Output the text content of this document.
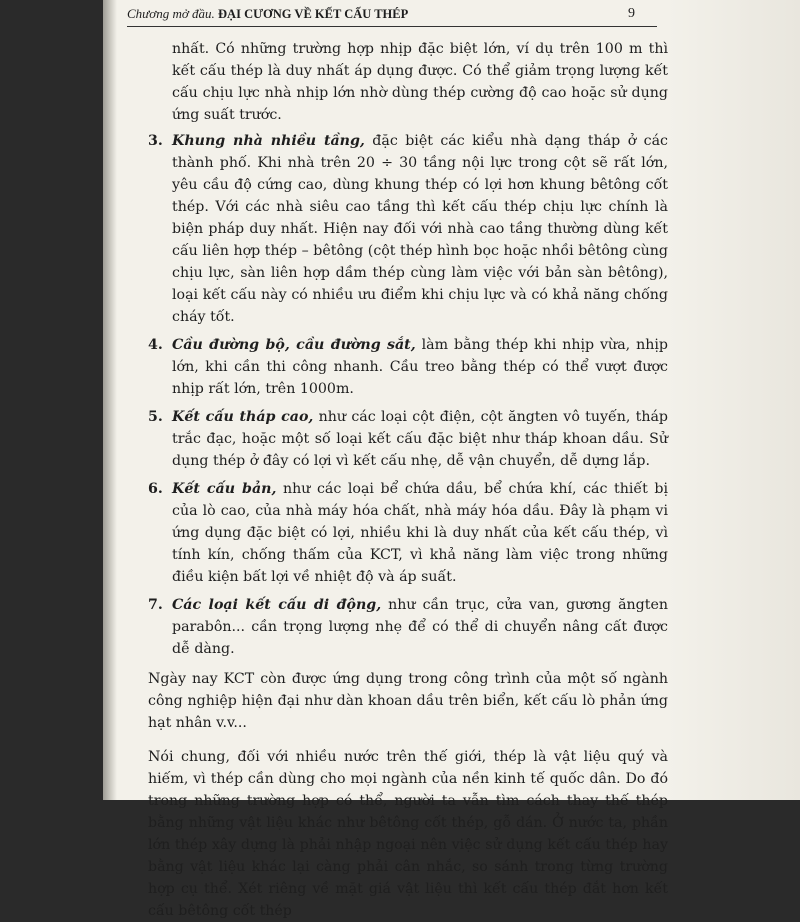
Chương mở đầu. ĐẠI CƯƠNG VỀ KẾT CẤU THÉP	9

nhất. Có những trường hợp nhịp đặc biệt lớn, ví dụ trên 100 m thì kết cấu thép là duy nhất áp dụng được. Có thể giảm trọng lượng kết cấu chịu lực nhà nhịp lớn nhờ dùng thép cường độ cao hoặc sử dụng ứng suất trước.

3. Khung nhà nhiều tầng, đặc biệt các kiểu nhà dạng tháp ở các thành phố. Khi nhà trên 20 ÷ 30 tầng nội lực trong cột sẽ rất lớn, yêu cầu độ cứng cao, dùng khung thép có lợi hơn khung bêtông cốt thép. Với các nhà siêu cao tầng thì kết cấu thép chịu lực chính là biện pháp duy nhất. Hiện nay đối với nhà cao tầng thường dùng kết cấu liên hợp thép – bêtông (cột thép hình bọc hoặc nhồi bêtông cùng chịu lực, sàn liên hợp dầm thép cùng làm việc với bản sàn bêtông), loại kết cấu này có nhiều ưu điểm khi chịu lực và có khả năng chống cháy tốt.

4. Cầu đường bộ, cầu đường sắt, làm bằng thép khi nhịp vừa, nhịp lớn, khi cần thi công nhanh. Cầu treo bằng thép có thể vượt được nhịp rất lớn, trên 1000m.

5. Kết cấu tháp cao, như các loại cột điện, cột ăngten vô tuyến, tháp trắc đạc, hoặc một số loại kết cấu đặc biệt như tháp khoan dầu. Sử dụng thép ở đây có lợi vì kết cấu nhẹ, dễ vận chuyển, dễ dựng lắp.

6. Kết cấu bản, như các loại bể chứa dầu, bể chứa khí, các thiết bị của lò cao, của nhà máy hóa chất, nhà máy hóa dầu. Đây là phạm vi ứng dụng đặc biệt có lợi, nhiều khi là duy nhất của kết cấu thép, vì tính kín, chống thấm của KCT, vì khả năng làm việc trong những điều kiện bất lợi về nhiệt độ và áp suất.

7. Các loại kết cấu di động, như cần trục, cửa van, gương ăngten parabôn... cần trọng lượng nhẹ để có thể di chuyển nâng cất được dễ dàng.

Ngày nay KCT còn được ứng dụng trong công trình của một số ngành công nghiệp hiện đại như dàn khoan dầu trên biển, kết cấu lò phản ứng hạt nhân v.v...

Nói chung, đối với nhiều nước trên thế giới, thép là vật liệu quý và hiếm, vì thép cần dùng cho mọi ngành của nền kinh tế quốc dân. Do đó trong những trường hợp có thể, người ta vẫn tìm cách thay thế thép bằng những vật liệu khác như bêtông cốt thép, gỗ dán. Ở nước ta, phần lớn thép xây dựng là phải nhập ngoại nên việc sử dụng kết cấu thép hay bằng vật liệu khác lại càng phải cân nhắc, so sánh trong từng trường hợp cụ thể. Xét riêng về mặt giá vật liệu thì kết cấu thép đắt hơn kết cấu bêtông cốt thép
